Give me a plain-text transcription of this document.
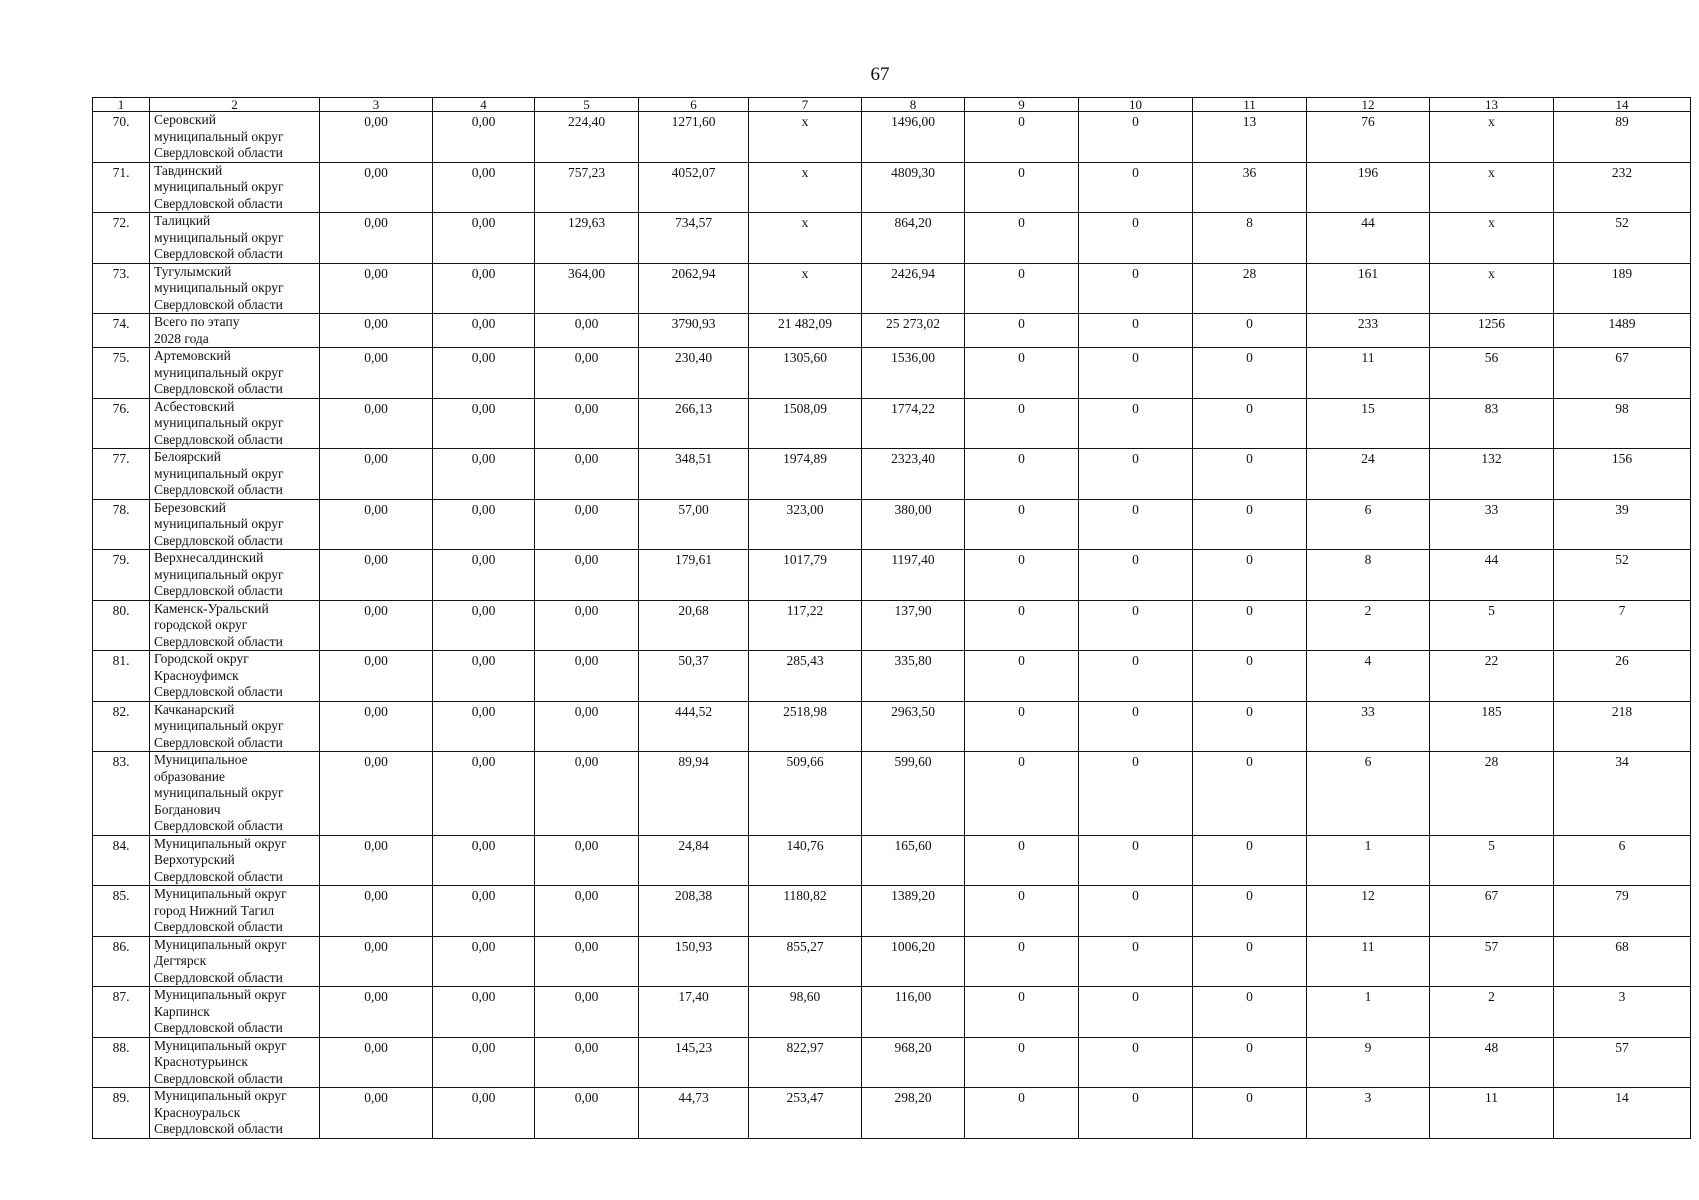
67
1	2	3	4	5	6	7	8	9	10	11	12	13	14
70.	Серовский
муниципальный округ
Свердловской области	0,00	0,00	224,40	1271,60	х	1496,00	0	0	13	76	х	89
71.	Тавдинский
муниципальный округ
Свердловской области	0,00	0,00	757,23	4052,07	х	4809,30	0	0	36	196	х	232
72.	Талицкий
муниципальный округ
Свердловской области	0,00	0,00	129,63	734,57	х	864,20	0	0	8	44	х	52
73.	Тугулымский
муниципальный округ
Свердловской области	0,00	0,00	364,00	2062,94	х	2426,94	0	0	28	161	х	189
74.	Всего по этапу
2028 года	0,00	0,00	0,00	3790,93	21 482,09	25 273,02	0	0	0	233	1256	1489
75.	Артемовский
муниципальный округ
Свердловской области	0,00	0,00	0,00	230,40	1305,60	1536,00	0	0	0	11	56	67
76.	Асбестовский
муниципальный округ
Свердловской области	0,00	0,00	0,00	266,13	1508,09	1774,22	0	0	0	15	83	98
77.	Белоярский
муниципальный округ
Свердловской области	0,00	0,00	0,00	348,51	1974,89	2323,40	0	0	0	24	132	156
78.	Березовский
муниципальный округ
Свердловской области	0,00	0,00	0,00	57,00	323,00	380,00	0	0	0	6	33	39
79.	Верхнесалдинский
муниципальный округ
Свердловской области	0,00	0,00	0,00	179,61	1017,79	1197,40	0	0	0	8	44	52
80.	Каменск-Уральский
городской округ
Свердловской области	0,00	0,00	0,00	20,68	117,22	137,90	0	0	0	2	5	7
81.	Городской округ
Красноуфимск
Свердловской области	0,00	0,00	0,00	50,37	285,43	335,80	0	0	0	4	22	26
82.	Качканарский
муниципальный округ
Свердловской области	0,00	0,00	0,00	444,52	2518,98	2963,50	0	0	0	33	185	218
83.	Муниципальное
образование
муниципальный округ
Богданович
Свердловской области	0,00	0,00	0,00	89,94	509,66	599,60	0	0	0	6	28	34
84.	Муниципальный округ
Верхотурский
Свердловской области	0,00	0,00	0,00	24,84	140,76	165,60	0	0	0	1	5	6
85.	Муниципальный округ
город Нижний Тагил
Свердловской области	0,00	0,00	0,00	208,38	1180,82	1389,20	0	0	0	12	67	79
86.	Муниципальный округ
Дегтярск
Свердловской области	0,00	0,00	0,00	150,93	855,27	1006,20	0	0	0	11	57	68
87.	Муниципальный округ
Карпинск
Свердловской области	0,00	0,00	0,00	17,40	98,60	116,00	0	0	0	1	2	3
88.	Муниципальный округ
Краснотурьинск
Свердловской области	0,00	0,00	0,00	145,23	822,97	968,20	0	0	0	9	48	57
89.	Муниципальный округ
Красноуральск
Свердловской области	0,00	0,00	0,00	44,73	253,47	298,20	0	0	0	3	11	14
